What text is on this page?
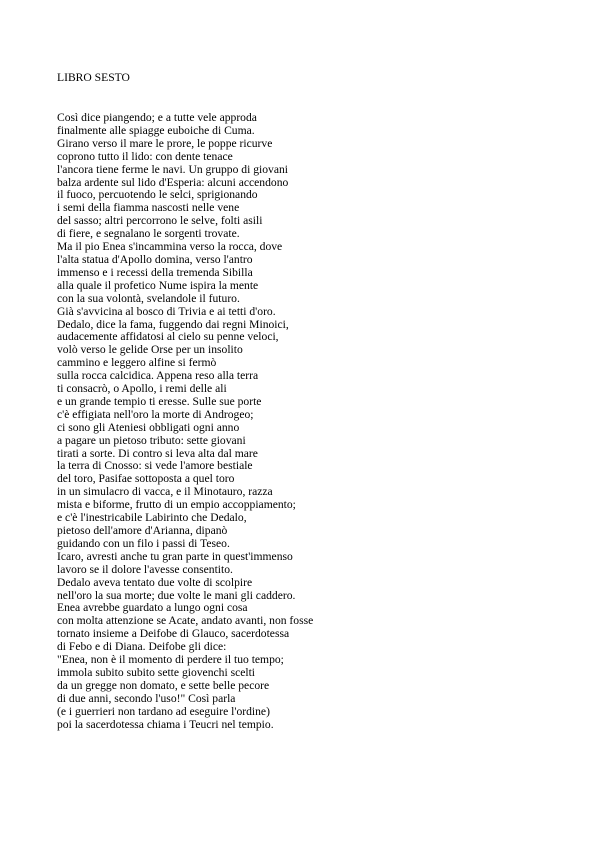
LIBRO SESTO
Così dice piangendo; e a tutte vele approda
finalmente alle spiagge euboiche di Cuma.
Girano verso il mare le prore, le poppe ricurve
coprono tutto il lido: con dente tenace
l'ancora tiene ferme le navi. Un gruppo di giovani
balza ardente sul lido d'Esperia: alcuni accendono
il fuoco, percuotendo le selci, sprigionando
i semi della fiamma nascosti nelle vene
del sasso; altri percorrono le selve, folti asili
di fiere, e segnalano le sorgenti trovate.
Ma il pio Enea s'incammina verso la rocca, dove
l'alta statua d'Apollo domina, verso l'antro
immenso e i recessi della tremenda Sibilla
alla quale il profetico Nume ispira la mente
con la sua volontà, svelandole il futuro.
Già s'avvicina al bosco di Trivia e ai tetti d'oro.
Dedalo, dice la fama, fuggendo dai regni Minoici,
audacemente affidatosi al cielo su penne veloci,
volò verso le gelide Orse per un insolito
cammino e leggero alfine si fermò
sulla rocca calcidica. Appena reso alla terra
ti consacrò, o Apollo, i remi delle ali
e un grande tempio ti eresse. Sulle sue porte
c'è effigiata nell'oro la morte di Androgeo;
ci sono gli Ateniesi obbligati ogni anno
a pagare un pietoso tributo: sette giovani
tirati a sorte. Di contro si leva alta dal mare
la terra di Cnosso: si vede l'amore bestiale
del toro, Pasifae sottoposta a quel toro
in un simulacro di vacca, e il Minotauro, razza
mista e biforme, frutto di un empio accoppiamento;
e c'è l'inestricabile Labirinto che Dedalo,
pietoso dell'amore d'Arianna, dipanò
guidando con un filo i passi di Teseo.
Icaro, avresti anche tu gran parte in quest'immenso
lavoro se il dolore l'avesse consentito.
Dedalo aveva tentato due volte di scolpire
nell'oro la sua morte; due volte le mani gli caddero.
Enea avrebbe guardato a lungo ogni cosa
con molta attenzione se Acate, andato avanti, non fosse
tornato insieme a Deifobe di Glauco, sacerdotessa
di Febo e di Diana. Deifobe gli dice:
"Enea, non è il momento di perdere il tuo tempo;
immola subito subito sette giovenchi scelti
da un gregge non domato, e sette belle pecore
di due anni, secondo l'uso!" Così parla
(e i guerrieri non tardano ad eseguire l'ordine)
poi la sacerdotessa chiama i Teucri nel tempio.
